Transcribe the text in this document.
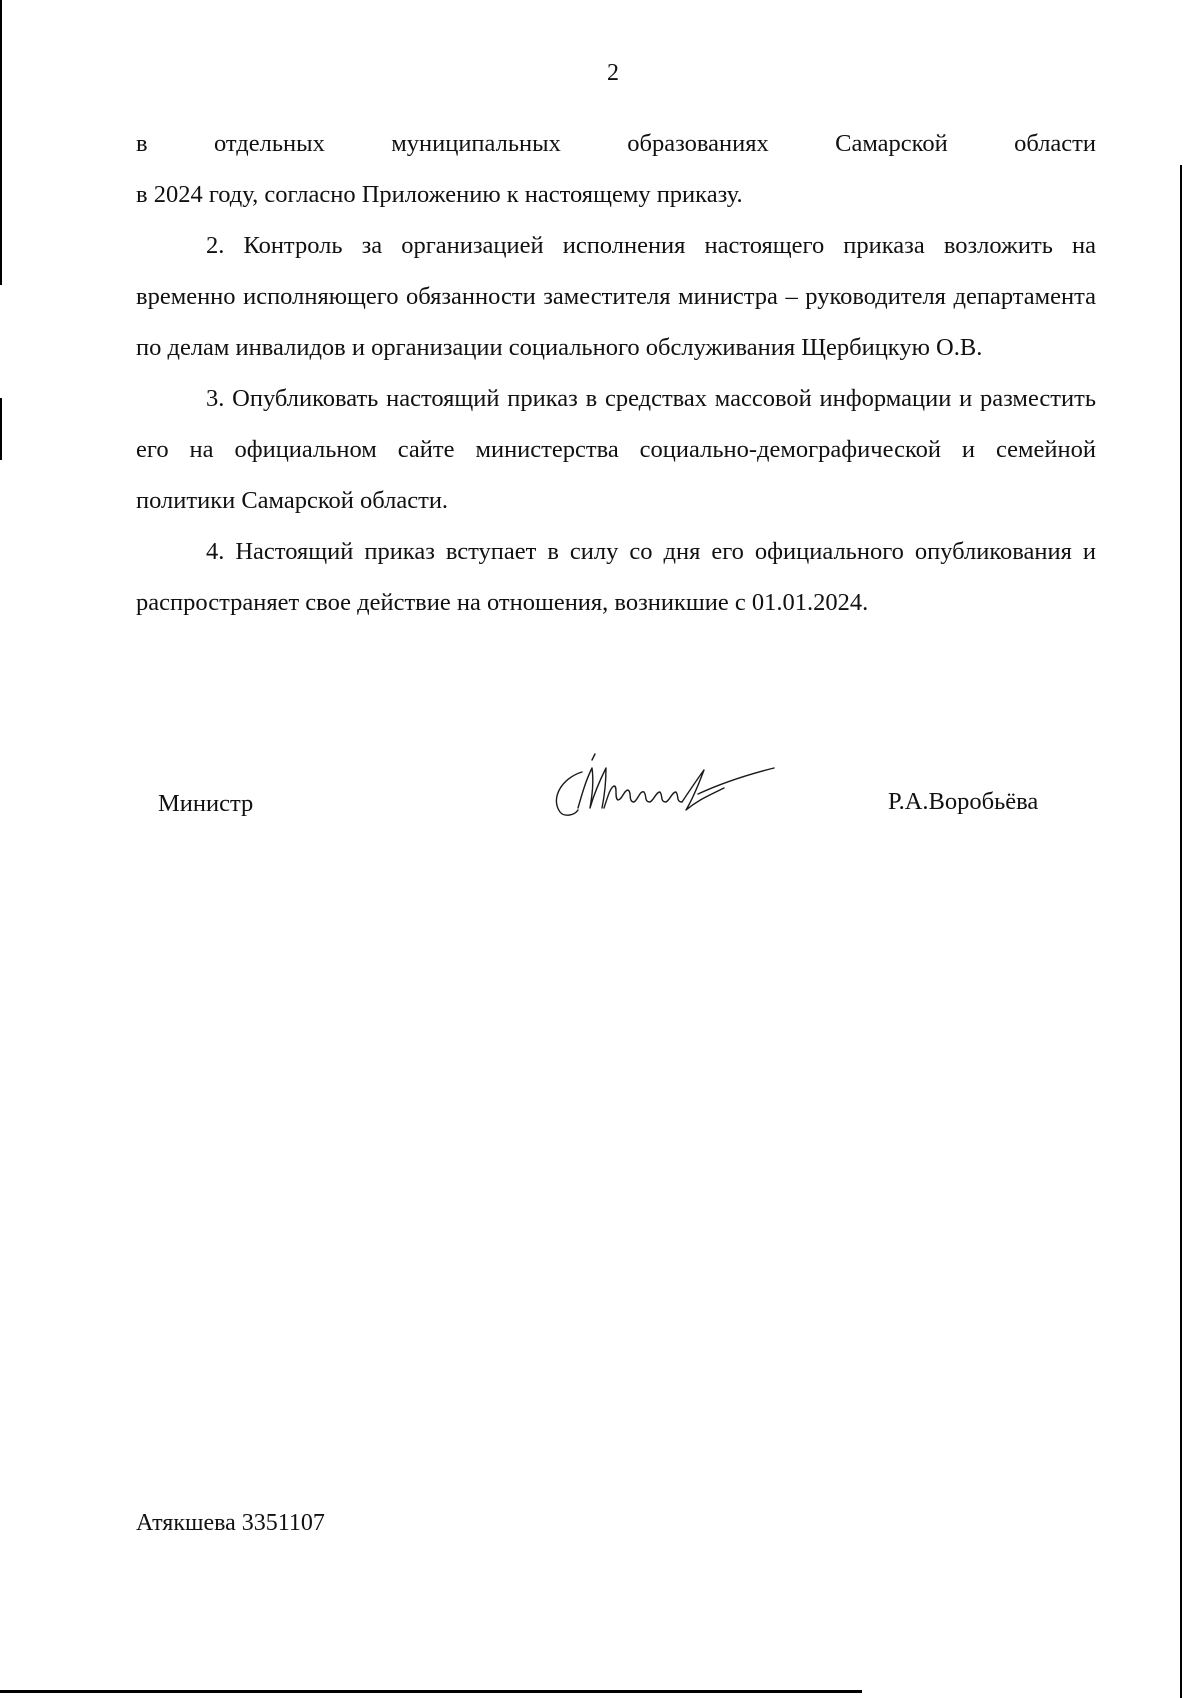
2

в отдельных муниципальных образованиях Самарской области
в 2024 году, согласно Приложению к настоящему приказу.

2. Контроль за организацией исполнения настоящего приказа возложить на временно исполняющего обязанности заместителя министра – руководителя департамента по делам инвалидов и организации социального обслуживания Щербицкую О.В.

3. Опубликовать настоящий приказ в средствах массовой информации и разместить его на официальном сайте министерства социально-демографической и семейной политики Самарской области.

4. Настоящий приказ вступает в силу со дня его официального опубликования и распространяет свое действие на отношения, возникшие с 01.01.2024.

Министр	Р.А.Воробьёва
Атякшева 3351107
